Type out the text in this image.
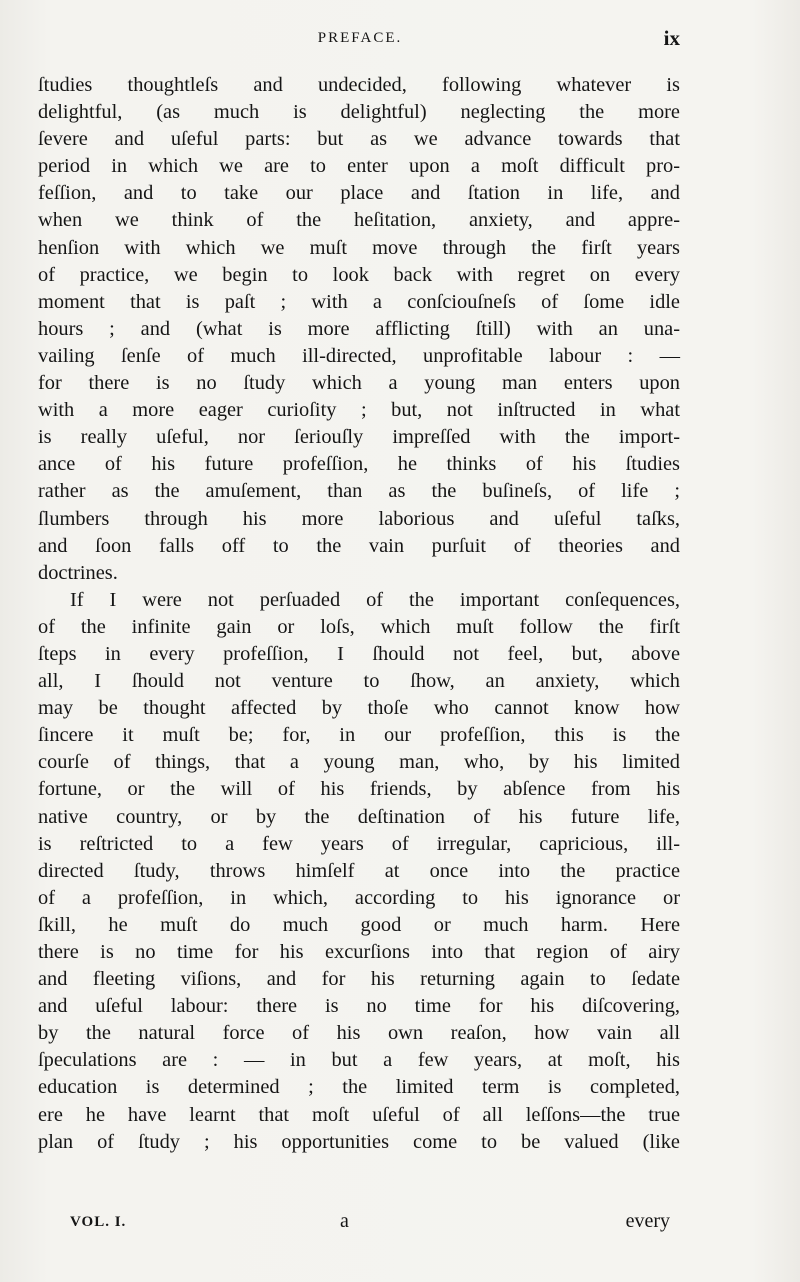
PREFACE.	ix
ſtudies thoughtleſs and undecided, following whatever is
delightful, (as much is delightful) neglecting the more
ſevere and uſeful parts: but as we advance towards that
period in which we are to enter upon a moſt difficult pro-
feſſion, and to take our place and ſtation in life, and
when we think of the heſitation, anxiety, and appre-
henſion with which we muſt move through the firſt years
of practice, we begin to look back with regret on every
moment that is paſt ; with a conſciouſneſs of ſome idle
hours ; and (what is more afflicting ſtill) with an una-
vailing ſenſe of much ill-directed, unprofitable labour : —
for there is no ſtudy which a young man enters upon
with a more eager curioſity ; but, not inſtructed in what
is really uſeful, nor ſeriouſly impreſſed with the import-
ance of his future profeſſion, he thinks of his ſtudies
rather as the amuſement, than as the buſineſs, of life ;
ſlumbers through his more laborious and uſeful taſks,
and ſoon falls off to the vain purſuit of theories and
doctrines.
If I were not perſuaded of the important conſequences,
of the infinite gain or loſs, which muſt follow the firſt
ſteps in every profeſſion, I ſhould not feel, but, above
all, I ſhould not venture to ſhow, an anxiety, which
may be thought affected by thoſe who cannot know how
ſincere it muſt be; for, in our profeſſion, this is the
courſe of things, that a young man, who, by his limited
fortune, or the will of his friends, by abſence from his
native country, or by the deſtination of his future life,
is reſtricted to a few years of irregular, capricious, ill-
directed ſtudy, throws himſelf at once into the practice
of a profeſſion, in which, according to his ignorance or
ſkill, he muſt do much good or much harm. Here
there is no time for his excurſions into that region of airy
and fleeting viſions, and for his returning again to ſedate
and uſeful labour: there is no time for his diſcovering,
by the natural force of his own reaſon, how vain all
ſpeculations are : — in but a few years, at moſt, his
education is determined ; the limited term is completed,
ere he have learnt that moſt uſeful of all leſſons—the true
plan of ſtudy ; his opportunities come to be valued (like
VOL. I.	a	every
